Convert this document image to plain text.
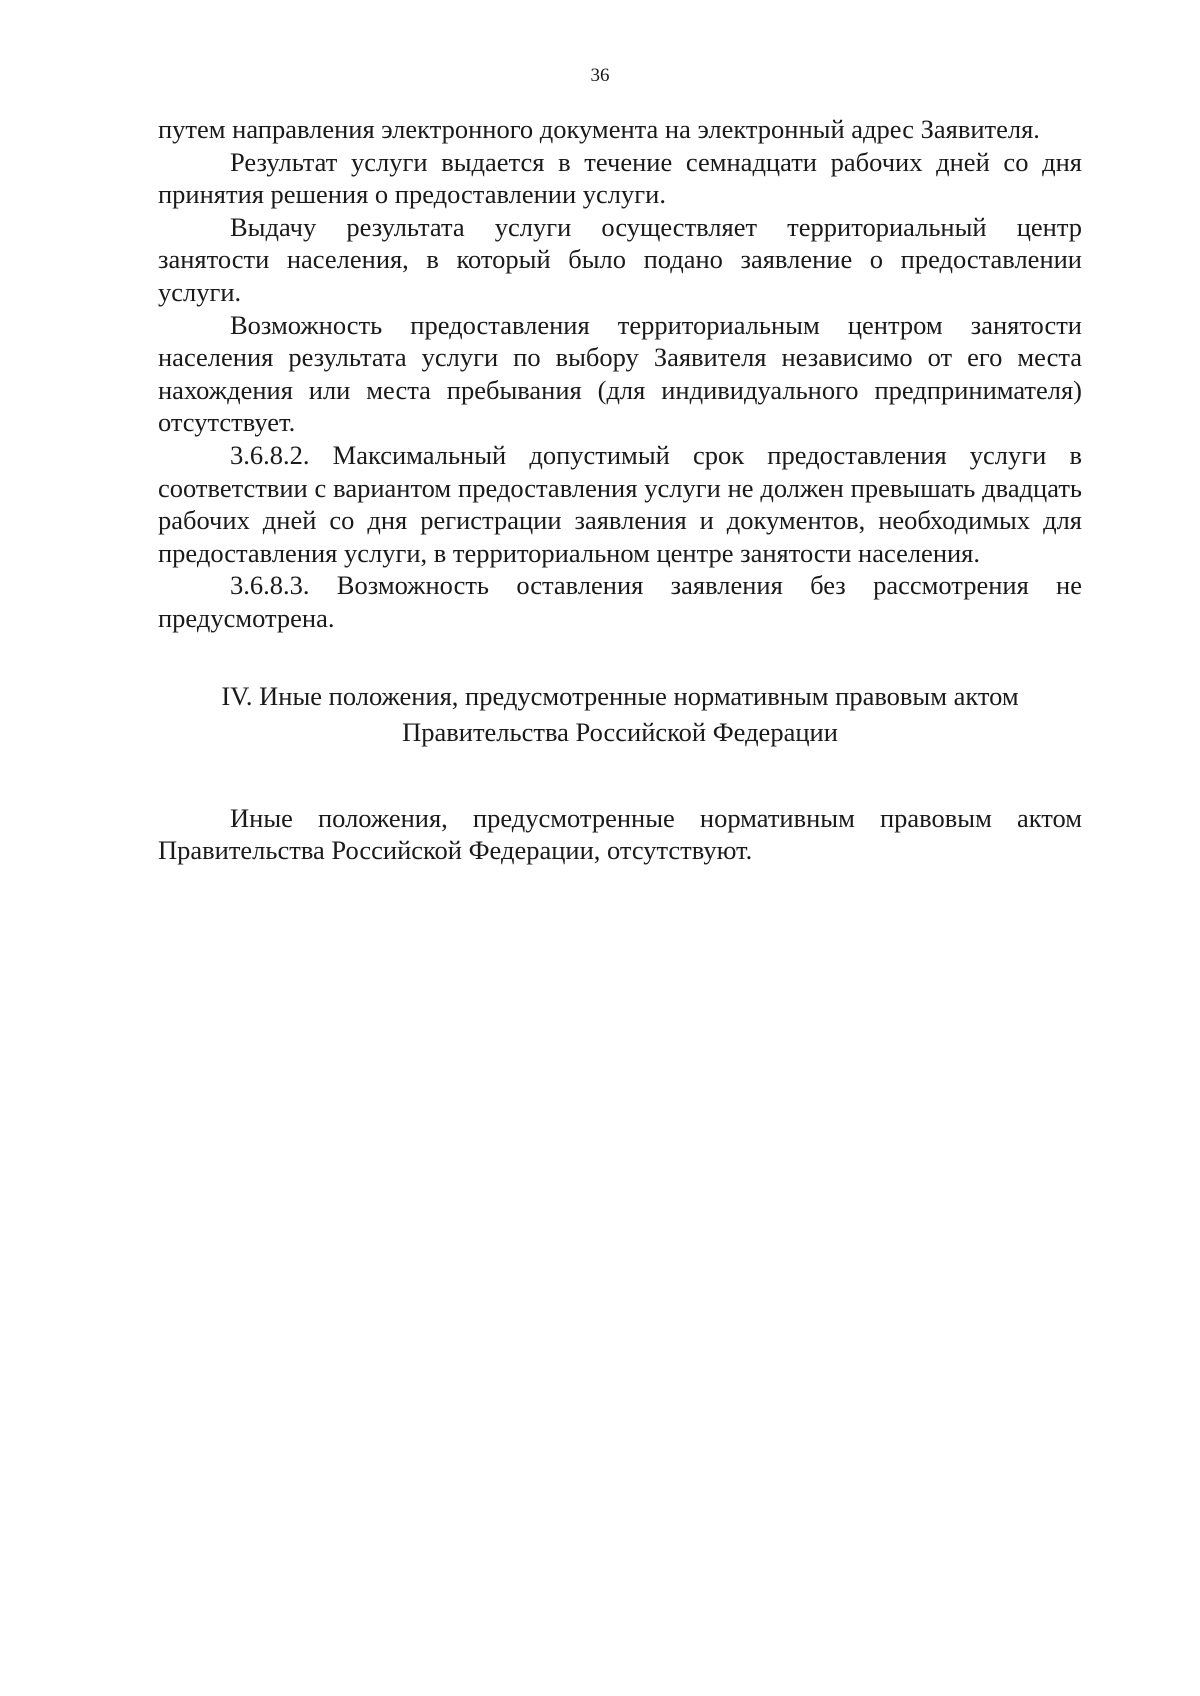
36

путем направления электронного документа на электронный адрес Заявителя.

Результат услуги выдается в течение семнадцати рабочих дней со дня принятия решения о предоставлении услуги.

Выдачу результата услуги осуществляет территориальный центр занятости населения, в который было подано заявление о предоставлении услуги.

Возможность предоставления территориальным центром занятости населения результата услуги по выбору Заявителя независимо от его места нахождения или места пребывания (для индивидуального предпринимателя) отсутствует.

3.6.8.2. Максимальный допустимый срок предоставления услуги в соответствии с вариантом предоставления услуги не должен превышать двадцать рабочих дней со дня регистрации заявления и документов, необходимых для предоставления услуги, в территориальном центре занятости населения.

3.6.8.3. Возможность оставления заявления без рассмотрения не предусмотрена.

IV. Иные положения, предусмотренные нормативным правовым актом
Правительства Российской Федерации

Иные положения, предусмотренные нормативным правовым актом Правительства Российской Федерации, отсутствуют.
